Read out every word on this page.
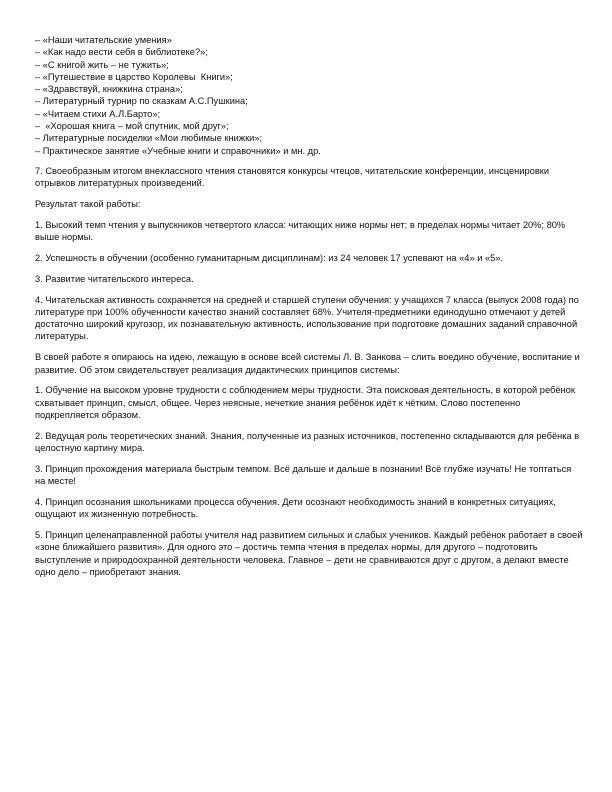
– «Наши читательские умения»

– «Как надо вести себя в библиотеке?»;

– «С книгой жить – не тужить»;

– «Путешествие в царство Королевы  Книги»;

– «Здравствуй, книжкина страна»;

– Литературный турнир по сказкам А.С.Пушкина;

– «Читаем стихи А.Л.Барто»;

–  «Хорошая книга – мой спутник, мой друг»;

– Литературные посиделки «Мои любимые книжки»;

– Практическое занятие «Учебные книги и справочники» и мн. др.

7. Своеобразным итогом внеклассного чтения становятся конкурсы чтецов, читательские конференции, инсценировки отрывков литературных произведений.

Результат такой работы:

1. Высокий темп чтения у выпускников четвертого класса: читающих ниже нормы нет; в пределах нормы читает 20%; 80% выше нормы.

2. Успешность в обучении (особенно гуманитарным дисциплинам): из 24 человек 17 успевают на «4» и «5».

3. Развитие читательского интереса.

4. Читательская активность сохраняется на средней и старшей ступени обучения: у учащихся 7 класса (выпуск 2008 года) по литературе при 100% обученности качество знаний составляет 68%. Учителя-предметники единодушно отмечают у детей достаточно широкий кругозор, их познавательную активность, использование при подготовке домашних заданий справочной литературы.

В своей работе я опираюсь на идею, лежащую в основе всей системы Л. В. Занкова – слить воедино обучение, воспитание и развитие. Об этом свидетельствует реализация дидактических принципов системы:

1. Обучение на высоком уровне трудности с соблюдением меры трудности. Эта поисковая деятельность, в которой ребёнок схватывает принцип, смысл, общее. Через неясные, нечеткие знания ребёнок идёт к чётким. Слово постепенно подкрепляется образом.

2. Ведущая роль теоретических знаний. Знания, полученные из разных источников, постепенно складываются для ребёнка в целостную картину мира.

3. Принцип прохождения материала быстрым темпом. Всё дальше и дальше в познании! Всё глубже изучать! Не топтаться на месте!

4. Принцип осознания школьниками процесса обучения. Дети осознают необходимость знаний в конкретных ситуациях, ощущают их жизненную потребность.

5. Принцип целенаправленной работы учителя над развитием сильных и слабых учеников. Каждый ребёнок работает в своей «зоне ближайшего развития». Для одного это – достичь темпа чтения в пределах нормы, для другого – подготовить выступление и природоохранной деятельности человека. Главное – дети не сравниваются друг с другом, а делают вместе одно дело – приобретают знания.
